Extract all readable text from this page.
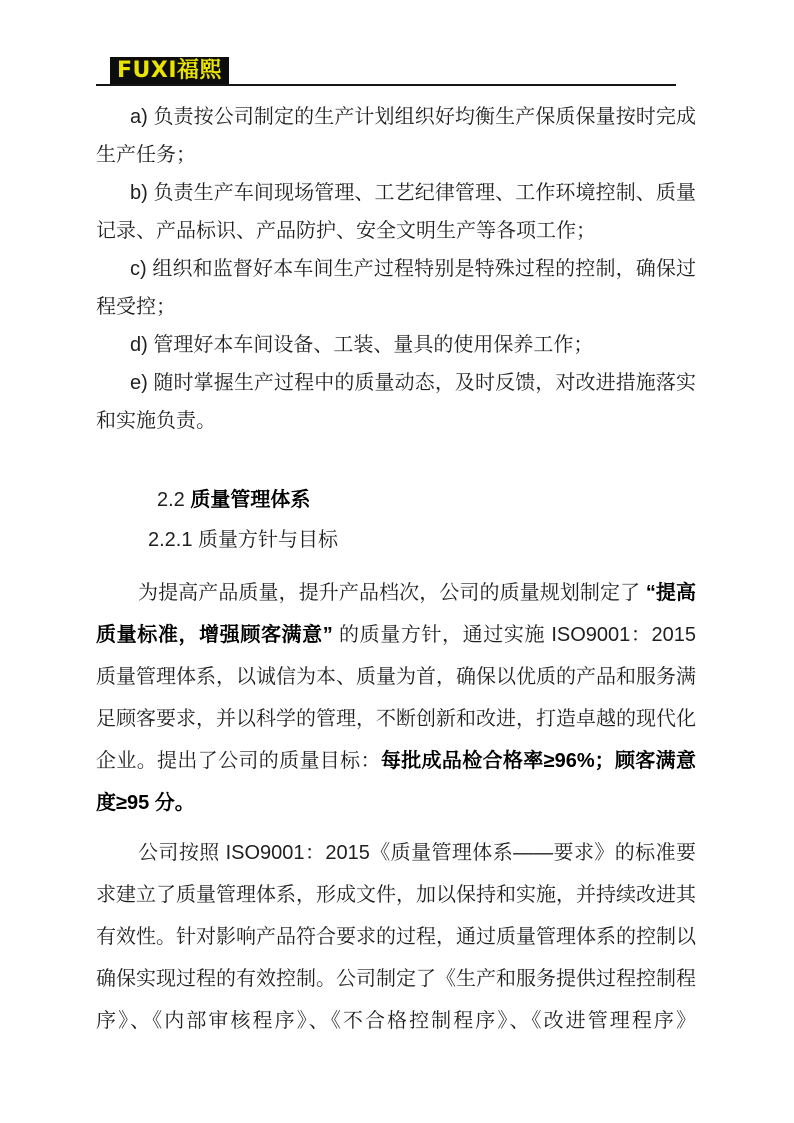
FUXI福熙

a) 负责按公司制定的生产计划组织好均衡生产保质保量按时完成生产任务；

b) 负责生产车间现场管理、工艺纪律管理、工作环境控制、质量记录、产品标识、产品防护、安全文明生产等各项工作；

c) 组织和监督好本车间生产过程特别是特殊过程的控制，确保过程受控；

d) 管理好本车间设备、工装、量具的使用保养工作；

e) 随时掌握生产过程中的质量动态，及时反馈，对改进措施落实和实施负责。

2.2 质量管理体系

2.2.1 质量方针与目标

为提高产品质量，提升产品档次，公司的质量规划制定了 “提高质量标准，增强顾客满意” 的质量方针，通过实施 ISO9001：2015 质量管理体系，以诚信为本、质量为首，确保以优质的产品和服务满足顾客要求，并以科学的管理，不断创新和改进，打造卓越的现代化企业。提出了公司的质量目标：每批成品检合格率≥96%；顾客满意度≥95 分。

公司按照 ISO9001：2015《质量管理体系——要求》的标准要求建立了质量管理体系，形成文件，加以保持和实施，并持续改进其有效性。针对影响产品符合要求的过程，通过质量管理体系的控制以确保实现过程的有效控制。公司制定了《生产和服务提供过程控制程序》、《内部审核程序》、《不合格控制程序》、《改进管理程序》
